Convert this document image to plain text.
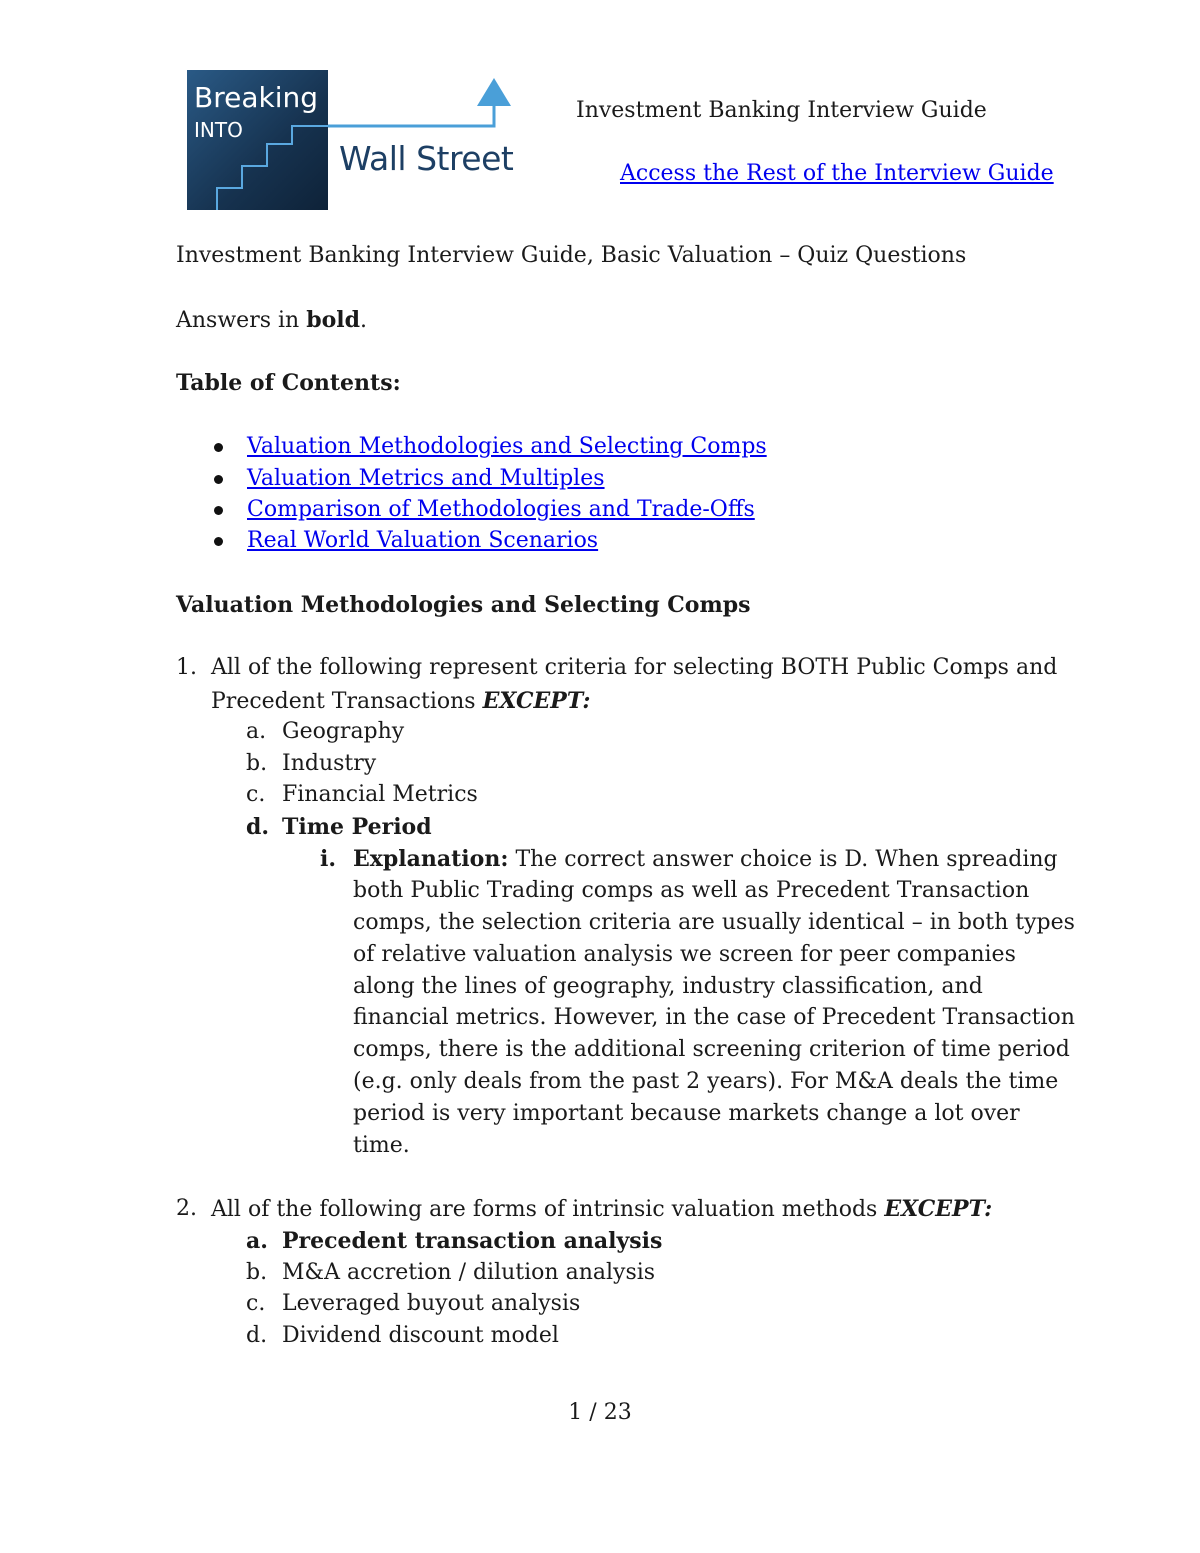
Breaking
INTO
Wall Street
Investment Banking Interview Guide
Access the Rest of the Interview Guide
Investment Banking Interview Guide, Basic Valuation – Quiz Questions
Answers in bold.
Table of Contents:
Valuation Methodologies and Selecting Comps
Valuation Metrics and Multiples
Comparison of Methodologies and Trade-Offs
Real World Valuation Scenarios
Valuation Methodologies and Selecting Comps
1. All of the following represent criteria for selecting BOTH Public Comps and
Precedent Transactions EXCEPT:
a. Geography
b. Industry
c. Financial Metrics
d. Time Period
i. Explanation: The correct answer choice is D. When spreading
both Public Trading comps as well as Precedent Transaction
comps, the selection criteria are usually identical – in both types
of relative valuation analysis we screen for peer companies
along the lines of geography, industry classification, and
financial metrics. However, in the case of Precedent Transaction
comps, there is the additional screening criterion of time period
(e.g. only deals from the past 2 years). For M&A deals the time
period is very important because markets change a lot over
time.
2. All of the following are forms of intrinsic valuation methods EXCEPT:
a. Precedent transaction analysis
b. M&A accretion / dilution analysis
c. Leveraged buyout analysis
d. Dividend discount model
1 / 23
